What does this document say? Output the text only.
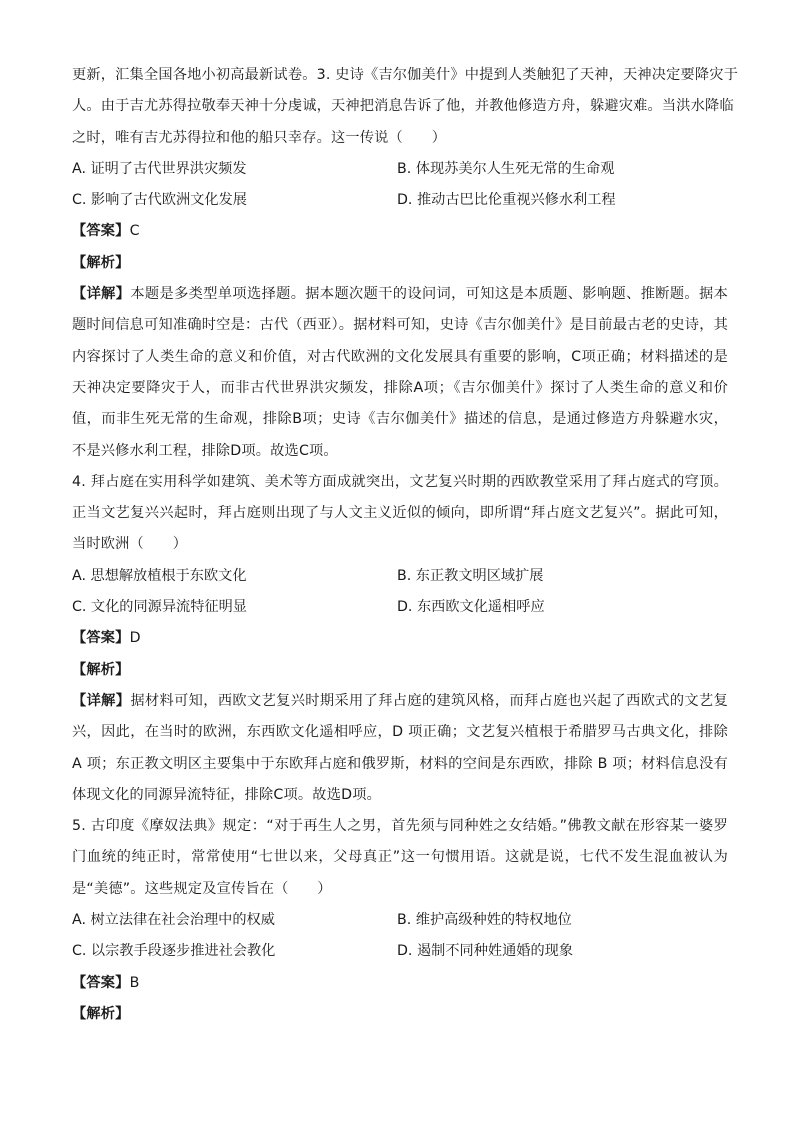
更新，汇集全国各地小初高最新试卷。3. 史诗《吉尔伽美什》中提到人类触犯了天神，天神决定要降灾于
人。由于吉尤苏得拉敬奉天神十分虔诚，天神把消息告诉了他，并教他修造方舟，躲避灾难。当洪水降临
之时，唯有吉尤苏得拉和他的船只幸存。这一传说（　　）
A. 证明了古代世界洪灾频发	B. 体现苏美尔人生死无常的生命观
C. 影响了古代欧洲文化发展	D. 推动古巴比伦重视兴修水利工程
【答案】C
【解析】
【详解】本题是多类型单项选择题。据本题次题干的设问词，可知这是本质题、影响题、推断题。据本题时间信息可知准确时空是：古代（西亚）。据材料可知，史诗《吉尔伽美什》是目前最古老的史诗，其内容探讨了人类生命的意义和价值，对古代欧洲的文化发展具有重要的影响，C项正确；材料描述的是天神决定要降灾于人，而非古代世界洪灾频发，排除A项；《吉尔伽美什》探讨了人类生命的意义和价值，而非生死无常的生命观，排除B项；史诗《吉尔伽美什》描述的信息，是通过修造方舟躲避水灾，不是兴修水利工程，排除D项。故选C项。
4. 拜占庭在实用科学如建筑、美术等方面成就突出，文艺复兴时期的西欧教堂采用了拜占庭式的穹顶。正当文艺复兴兴起时，拜占庭则出现了与人文主义近似的倾向，即所谓“拜占庭文艺复兴”。据此可知，当时欧洲（　　）
A. 思想解放植根于东欧文化	B. 东正教文明区域扩展
C. 文化的同源异流特征明显	D. 东西欧文化遥相呼应
【答案】D
【解析】
【详解】据材料可知，西欧文艺复兴时期采用了拜占庭的建筑风格，而拜占庭也兴起了西欧式的文艺复兴，因此，在当时的欧洲，东西欧文化遥相呼应，D 项正确；文艺复兴植根于希腊罗马古典文化，排除 A 项；东正教文明区主要集中于东欧拜占庭和俄罗斯，材料的空间是东西欧，排除 B 项；材料信息没有体现文化的同源异流特征，排除C项。故选D项。
5. 古印度《摩奴法典》规定：“对于再生人之男，首先须与同种姓之女结婚。”佛教文献在形容某一婆罗门血统的纯正时，常常使用“七世以来，父母真正”这一句惯用语。这就是说，七代不发生混血被认为是“美德”。这些规定及宣传旨在（　　）
A. 树立法律在社会治理中的权威	B. 维护高级种姓的特权地位
C. 以宗教手段逐步推进社会教化	D. 遏制不同种姓通婚的现象
【答案】B
【解析】
